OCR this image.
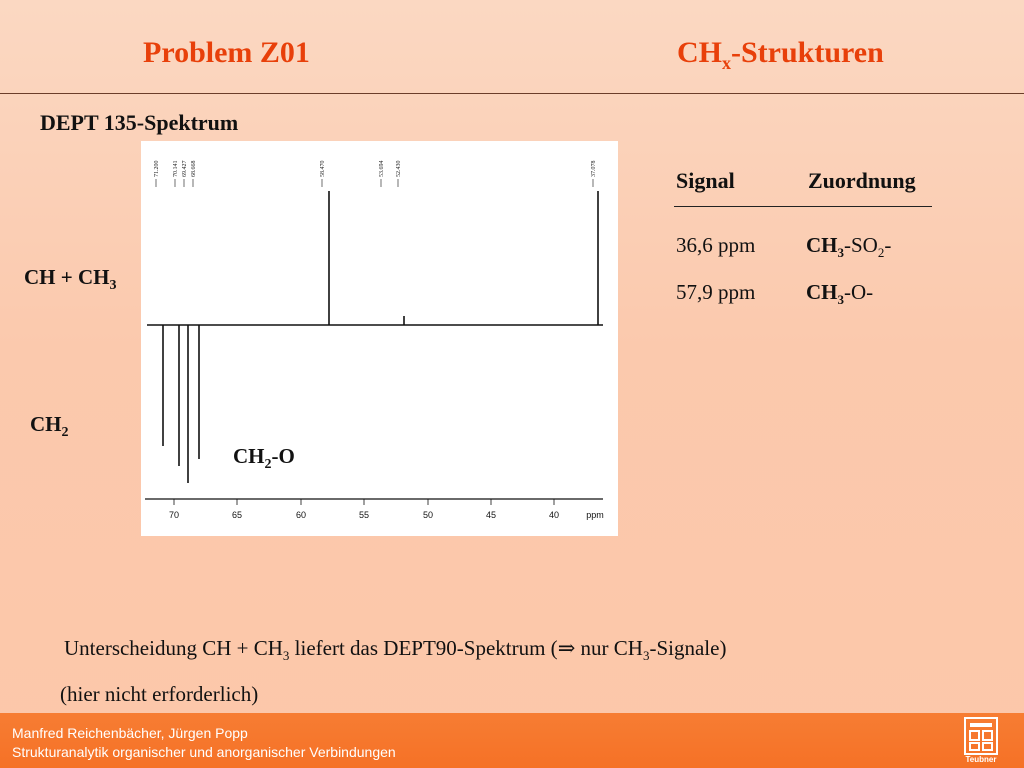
Problem Z01	$CH_x$-Strukturen
DEPT 135-Spektrum
CH + $CH_3$
$CH_2$
71.200 70.141 69.427 68.668	58.470	53.694 52.430	37.078
70	65	60	55	50	45	40	ppm
$CH_2-O$
Signal	Zuordnung
36,6 ppm $CH_3-SO_2-$
57,9 ppm $CH_3-O-$
Unterscheidung CH + $CH_3$ liefert das DEPT90-Spektrum (⇒ nur $CH_3-Signale$)
(hier nicht erforderlich)
Manfred Reichenbächer, Jürgen Popp
Strukturanalytik organischer und anorganischer Verbindungen	Teubner
